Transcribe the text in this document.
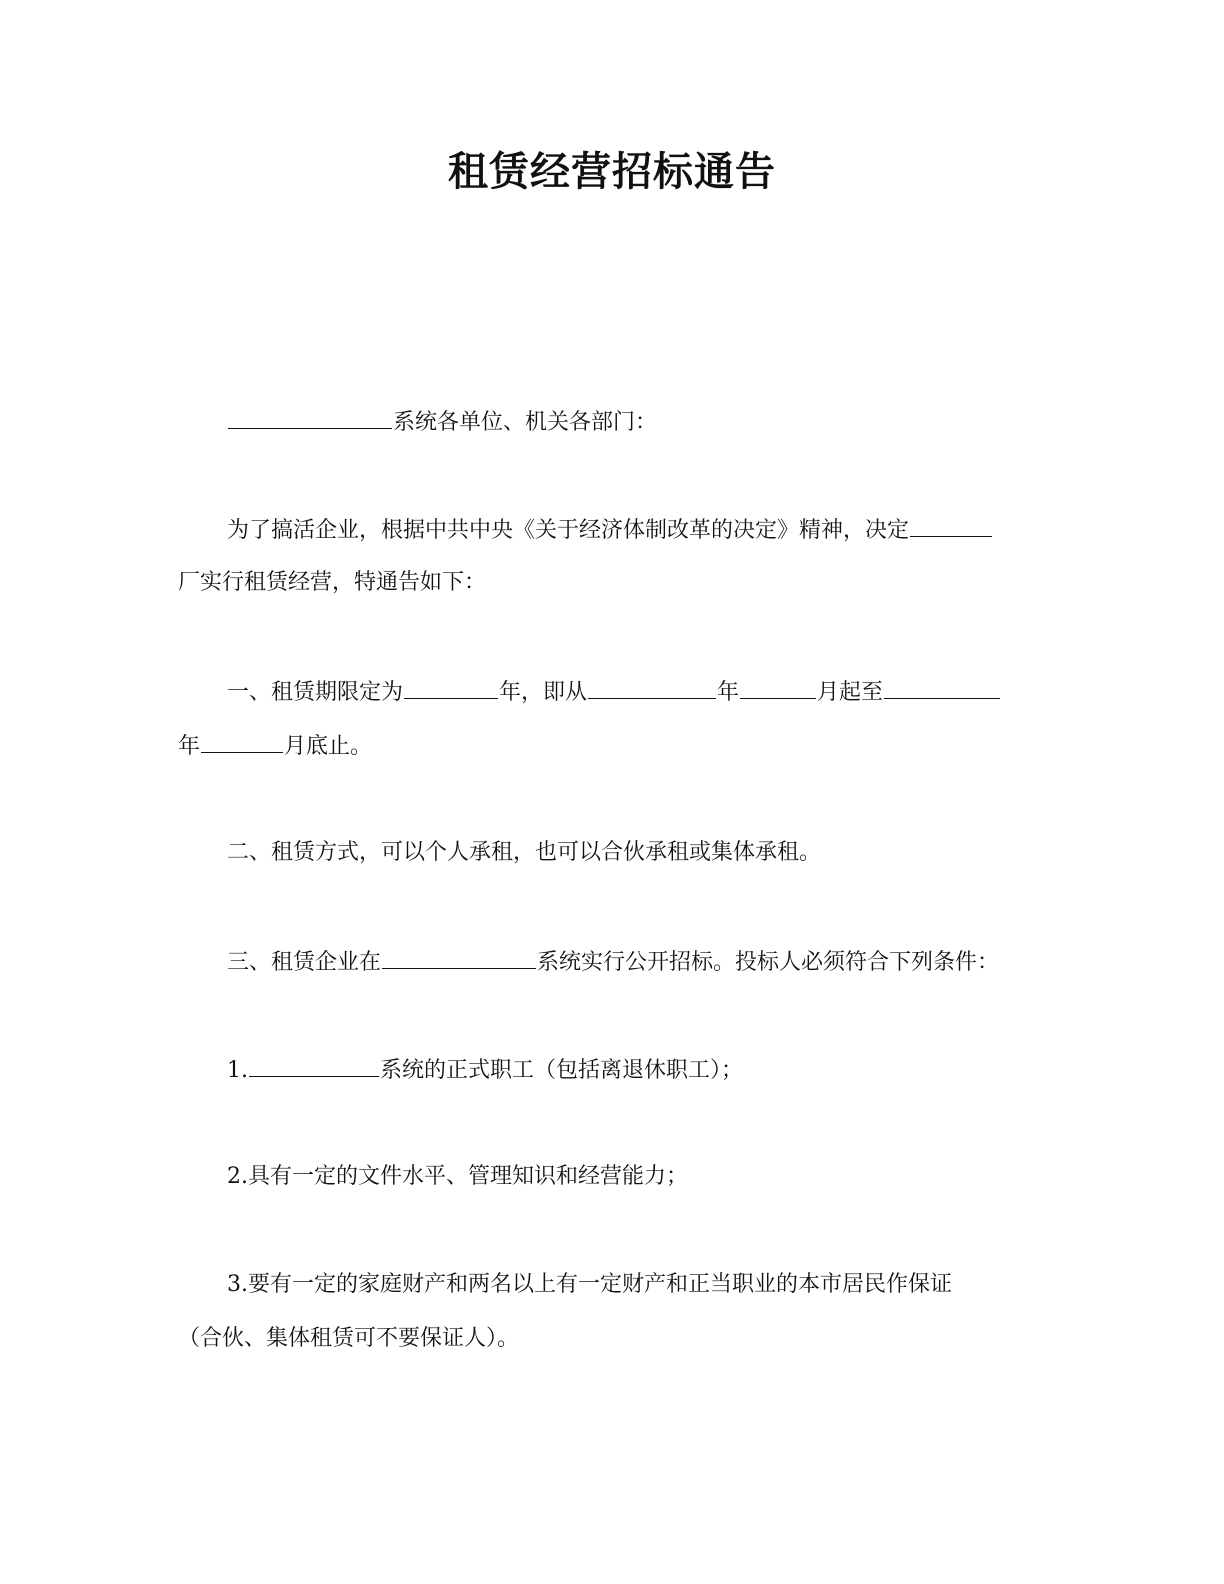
租赁经营招标通告
系统各单位、机关各部门：
为了搞活企业，根据中共中央《关于经济体制改革的决定》精神，决定
厂实行租赁经营，特通告如下：
一、租赁期限定为	年，即从	年	月起至
年	月底止。
二、租赁方式，可以个人承租，也可以合伙承租或集体承租。
三、租赁企业在	系统实行公开招标。投标人必须符合下列条件：
1.	系统的正式职工（包括离退休职工）；
2.具有一定的文件水平、管理知识和经营能力；
3.要有一定的家庭财产和两名以上有一定财产和正当职业的本市居民作保证
（合伙、集体租赁可不要保证人）。
